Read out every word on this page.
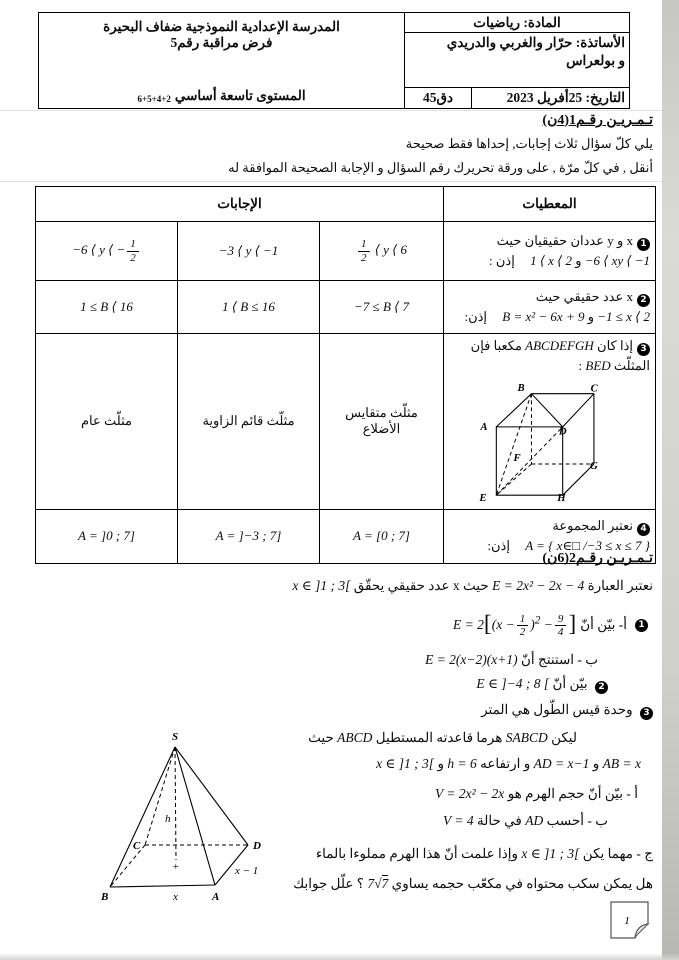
المدرسة الإعدادية النموذجية ضفاف البحيرة
فرض مراقبة رقم5
المستوى تاسعة أساسي
6+5+4+2
المادة: رياضيات
الأساتذة: حرّار والغربي والدريدي
و بولعراس
التاريخ: 25أفريل 2023
45دق
تـمـريـن رقـم1(4ن)
يلي كلّ سؤال ثلاث إجابات, إحداها فقط صحيحة
أنقل , في كلّ مرّة , على ورقة تحريرك رقم السؤال و الإجابة الصحيحة الموافقة له
المعطيات	الإجابات		

1x و y عددان حقيقيان حيث
−6 ⟨ xy ⟨ −1 و 1 ⟨ x ⟨ 2 إذن :

$\frac{1}{2}$ ⟨ y ⟨ 6	−3 ⟨ y ⟨ −1	−6 ⟨ y ⟨ − $\frac{1}{2}$

2x عدد حقيقي حيث
−1 ≤ x ⟨ 2 و B = x² − 6x + 9 إذن:	−7 ≤ B ⟨ 7	1 ⟨ B ≤ 16	1 ≤ B ⟨ 16

3إذا كان ABCDEFGH مكعبا فإن
المثلّث BED :
A
B	C
D
E
F
G
H
	مثلّث متقايس الأضلاع	مثلّث قائم الزاوية	مثلّث عام

4نعتبر المجموعة
A = { x∈□ /−3 ≤ x ≤ 7 } إذن:	A = [0 ; 7]	A = ]−3 ; 7]	A = ]0 ; 7]
تـمـريـن رقـم2(6ن)
نعتبر العبارة E = 2x² − 2x − 4 حيث x عدد حقيقي يحقّق x ∈ ]1 ; 3[
1
أ- بيّن أنّ
$E = 2[(x - \frac{1}{2} )^2 - \frac{9}{4}$ ]
ب - استنتج أنّ E = 2(x−2)(x+1)
2 بيّن أنّ E ∈ ]−4 ; 8 [
3 وحدة قيس الطّول هي المتر
ليكن SABCD هرما قاعدته المستطيل ABCD حيث
AB = x و AD = x−1 و ارتفاعه h = 6 و x ∈ ]1 ; 3[
أ - بيّن أنّ حجم الهرم هو V = 2x² − 2x
ب - أحسب AD في حالة V = 4
ج - مهما يكن x ∈ ]1 ; 3[ وإذا علمت أنّ هذا الهرم مملوءا بالماء
هل يمكن سكب محتواه في مكعّب حجمه يساوي 7√7 ؟ علّل جوابك
S
h
C	D
B	A
x
x − 1
+
1
